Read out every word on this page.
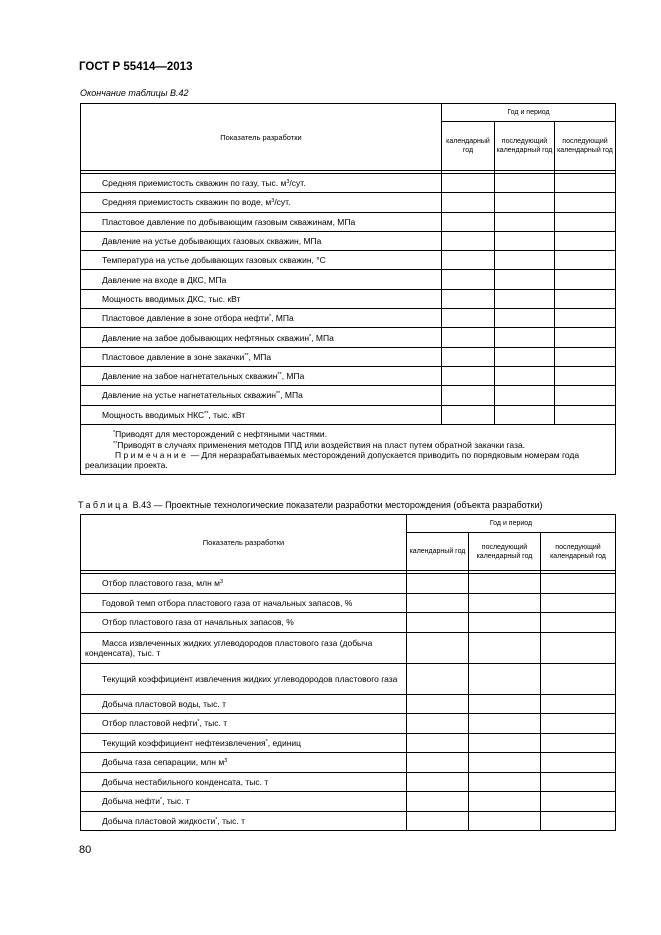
ГОСТ Р 55414—2013
Окончание таблицы В.42
Показатель разработки	Год и период		
	календарный год	последующий календарный год	последующий календарный год

Средняя приемистость скважин по газу, тыс. $м^3$/сут.			
Средняя приемистость скважин по воде, $м^3$/сут.			
Пластовое давление по добывающим газовым скважинам, МПа			
Давление на устье добывающих газовых скважин, МПа			
Температура на устье добывающих газовых скважин, °C			
Давление на входе в ДКС, МПа			
Мощность вводимых ДКС, тыс. кВт			
Пластовое давление в зоне отбора нефти*, МПа			
Давление на забое добывающих нефтяных скважин*, МПа			
Пластовое давление в зоне закачки**, МПа			
Давление на забое нагнетательных скважин**, МПа			
Давление на устье нагнетательных скважин**, МПа			
Мощность вводимых НКС**, тыс. кВт			

*Приводят для месторождений с нефтяными частями.
**Приводят в случаях применения методов ППД или воздействия на пласт путем обратной закачки газа.
Примечание — Для неразрабатываемых месторождений допускается приводить по порядковым номерам года реализации проекта.			
Таблица В.43 — Проектные технологические показатели разработки месторождения (объекта разработки)
Показатель разработки	Год и период		
	календарный год	последующий календарный год	последующий календарный год

Отбор пластового газа, млн $м^3$			
Годовой темп отбора пластового газа от начальных запасов, %			
Отбор пластового газа от начальных запасов, %			
Масса извлеченных жидких углеводородов пластового газа (добыча конденсата), тыс. т			
Текущий коэффициент извлечения жидких углеводородов пластового газа			
Добыча пластовой воды, тыс. т			
Отбор пластовой нефти*, тыс. т			
Текущий коэффициент нефтеизвлечения*, единиц			
Добыча газа сепарации, млн $м^3$			
Добыча нестабильного конденсата, тыс. т			
Добыча нефти*, тыс. т			
Добыча пластовой жидкости*, тыс. т			
80
